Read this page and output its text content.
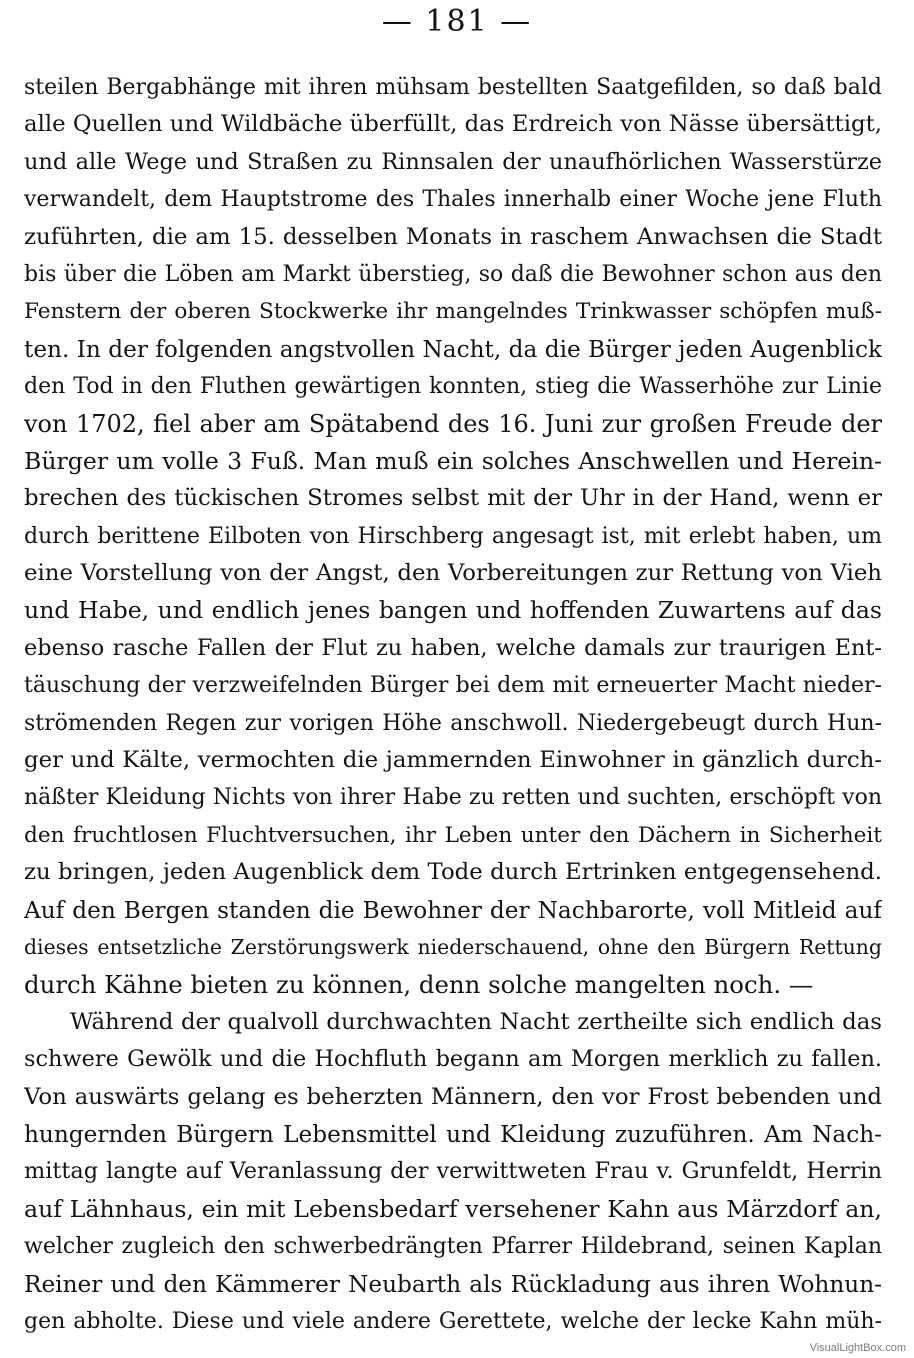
— 181 —
steilen Bergabhänge mit ihren mühsam bestellten Saatgefilden, so daß bald
alle Quellen und Wildbäche überfüllt, das Erdreich von Nässe übersättigt,
und alle Wege und Straßen zu Rinnsalen der unaufhörlichen Wasserstürze
verwandelt, dem Hauptstrome des Thales innerhalb einer Woche jene Fluth
zuführten, die am 15. desselben Monats in raschem Anwachsen die Stadt
bis über die Löben am Markt überstieg, so daß die Bewohner schon aus den
Fenstern der oberen Stockwerke ihr mangelndes Trinkwasser schöpfen muß-
ten. In der folgenden angstvollen Nacht, da die Bürger jeden Augenblick
den Tod in den Fluthen gewärtigen konnten, stieg die Wasserhöhe zur Linie
von 1702, fiel aber am Spätabend des 16. Juni zur großen Freude der
Bürger um volle 3 Fuß. Man muß ein solches Anschwellen und Herein-
brechen des tückischen Stromes selbst mit der Uhr in der Hand, wenn er
durch berittene Eilboten von Hirschberg angesagt ist, mit erlebt haben, um
eine Vorstellung von der Angst, den Vorbereitungen zur Rettung von Vieh
und Habe, und endlich jenes bangen und hoffenden Zuwartens auf das
ebenso rasche Fallen der Flut zu haben, welche damals zur traurigen Ent-
täuschung der verzweifelnden Bürger bei dem mit erneuerter Macht nieder-
strömenden Regen zur vorigen Höhe anschwoll. Niedergebeugt durch Hun-
ger und Kälte, vermochten die jammernden Einwohner in gänzlich durch-
näßter Kleidung Nichts von ihrer Habe zu retten und suchten, erschöpft von
den fruchtlosen Fluchtversuchen, ihr Leben unter den Dächern in Sicherheit
zu bringen, jeden Augenblick dem Tode durch Ertrinken entgegensehend.
Auf den Bergen standen die Bewohner der Nachbarorte, voll Mitleid auf
dieses entsetzliche Zerstörungswerk niederschauend, ohne den Bürgern Rettung
durch Kähne bieten zu können, denn solche mangelten noch. —
Während der qualvoll durchwachten Nacht zertheilte sich endlich das
schwere Gewölk und die Hochfluth begann am Morgen merklich zu fallen.
Von auswärts gelang es beherzten Männern, den vor Frost bebenden und
hungernden Bürgern Lebensmittel und Kleidung zuzuführen. Am Nach-
mittag langte auf Veranlassung der verwittweten Frau v. Grunfeldt, Herrin
auf Lähnhaus, ein mit Lebensbedarf versehener Kahn aus Märzdorf an,
welcher zugleich den schwerbedrängten Pfarrer Hildebrand, seinen Kaplan
Reiner und den Kämmerer Neubarth als Rückladung aus ihren Wohnun-
gen abholte. Diese und viele andere Gerettete, welche der lecke Kahn müh-
VisualLightBox.com
